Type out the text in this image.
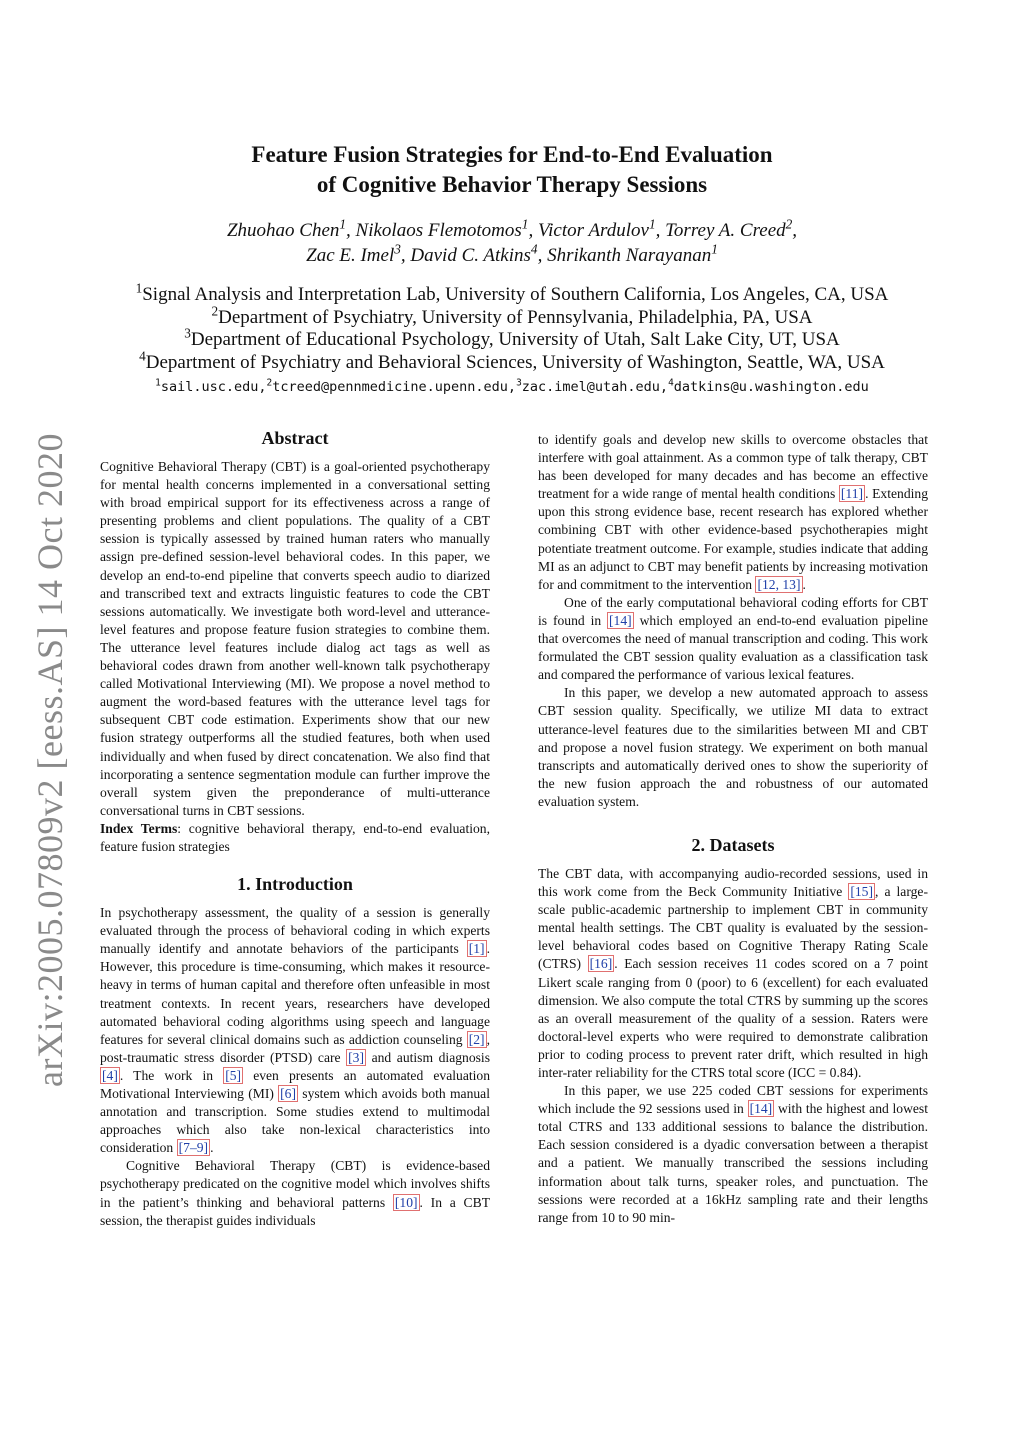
arXiv:2005.07809v2 [eess.AS] 14 Oct 2020
Feature Fusion Strategies for End-to-End Evaluation
of Cognitive Behavior Therapy Sessions
Zhuohao Chen$^1$, Nikolaos Flemotomos$^1$, Victor Ardulov$^1$, Torrey A. Creed$^2$,
Zac E. Imel$^3$, David C. Atkins$^4$, Shrikanth Narayanan$^1$
$^1$Signal Analysis and Interpretation Lab, University of Southern California, Los Angeles, CA, USA
$^2$Department of Psychiatry, University of Pennsylvania, Philadelphia, PA, USA
$^3$Department of Educational Psychology, University of Utah, Salt Lake City, UT, USA
$^4$Department of Psychiatry and Behavioral Sciences, University of Washington, Seattle, WA, USA
$^1$sail.usc.edu,$^2$tcreed@pennmedicine.upenn.edu,$^3$zac.imel@utah.edu,$^4$datkins@u.washington.edu
Abstract

Cognitive Behavioral Therapy (CBT) is a goal-oriented psychotherapy for mental health concerns implemented in a conversational setting with broad empirical support for its effectiveness across a range of presenting problems and client populations. The quality of a CBT session is typically assessed by trained human raters who manually assign pre-defined session-level behavioral codes. In this paper, we develop an end-to-end pipeline that converts speech audio to diarized and transcribed text and extracts linguistic features to code the CBT sessions automatically. We investigate both word-level and utterance-level features and propose feature fusion strategies to combine them. The utterance level features include dialog act tags as well as behavioral codes drawn from another well-known talk psychotherapy called Motivational Interviewing (MI). We propose a novel method to augment the word-based features with the utterance level tags for subsequent CBT code estimation. Experiments show that our new fusion strategy outperforms all the studied features, both when used individually and when fused by direct concatenation. We also find that incorporating a sentence segmentation module can further improve the overall system given the preponderance of multi-utterance conversational turns in CBT sessions.

Index Terms: cognitive behavioral therapy, end-to-end evaluation, feature fusion strategies

1. Introduction

In psychotherapy assessment, the quality of a session is generally evaluated through the process of behavioral coding in which experts manually identify and annotate behaviors of the participants [1] . However, this procedure is time-consuming, which makes it resource-heavy in terms of human capital and therefore often unfeasible in most treatment contexts. In recent years, researchers have developed automated behavioral coding algorithms using speech and language features for several clinical domains such as addiction counseling [2] , post-traumatic stress disorder (PTSD) care [3] and autism diagnosis [4] . The work in [5] even presents an automated evaluation Motivational Interviewing (MI) [6] system which avoids both manual annotation and transcription. Some studies extend to multimodal approaches which also take non-lexical characteristics into consideration [7–9] .

Cognitive Behavioral Therapy (CBT) is evidence-based psychotherapy predicated on the cognitive model which involves shifts in the patient’s thinking and behavioral patterns [10] . In a CBT session, the therapist guides individuals

to identify goals and develop new skills to overcome obstacles that interfere with goal attainment. As a common type of talk therapy, CBT has been developed for many decades and has become an effective treatment for a wide range of mental health conditions [11] . Extending upon this strong evidence base, recent research has explored whether combining CBT with other evidence-based psychotherapies might potentiate treatment outcome. For example, studies indicate that adding MI as an adjunct to CBT may benefit patients by increasing motivation for and commitment to the intervention [12, 13] .

One of the early computational behavioral coding efforts for CBT is found in [14] which employed an end-to-end evaluation pipeline that overcomes the need of manual transcription and coding. This work formulated the CBT session quality evaluation as a classification task and compared the performance of various lexical features.

In this paper, we develop a new automated approach to assess CBT session quality. Specifically, we utilize MI data to extract utterance-level features due to the similarities between MI and CBT and propose a novel fusion strategy. We experiment on both manual transcripts and automatically derived ones to show the superiority of the new fusion approach the and robustness of our automated evaluation system.

2. Datasets

The CBT data, with accompanying audio-recorded sessions, used in this work come from the Beck Community Initiative [15] , a large-scale public-academic partnership to implement CBT in community mental health settings. The CBT quality is evaluated by the session-level behavioral codes based on Cognitive Therapy Rating Scale (CTRS) [16] . Each session receives 11 codes scored on a 7 point Likert scale ranging from 0 (poor) to 6 (excellent) for each evaluated dimension. We also compute the total CTRS by summing up the scores as an overall measurement of the quality of a session. Raters were doctoral-level experts who were required to demonstrate calibration prior to coding process to prevent rater drift, which resulted in high inter-rater reliability for the CTRS total score (ICC = 0.84).

In this paper, we use 225 coded CBT sessions for experiments which include the 92 sessions used in [14] with the highest and lowest total CTRS and 133 additional sessions to balance the distribution. Each session considered is a dyadic conversation between a therapist and a patient. We manually transcribed the sessions including information about talk turns, speaker roles, and punctuation. The sessions were recorded at a 16kHz sampling rate and their lengths range from 10 to 90 min-
